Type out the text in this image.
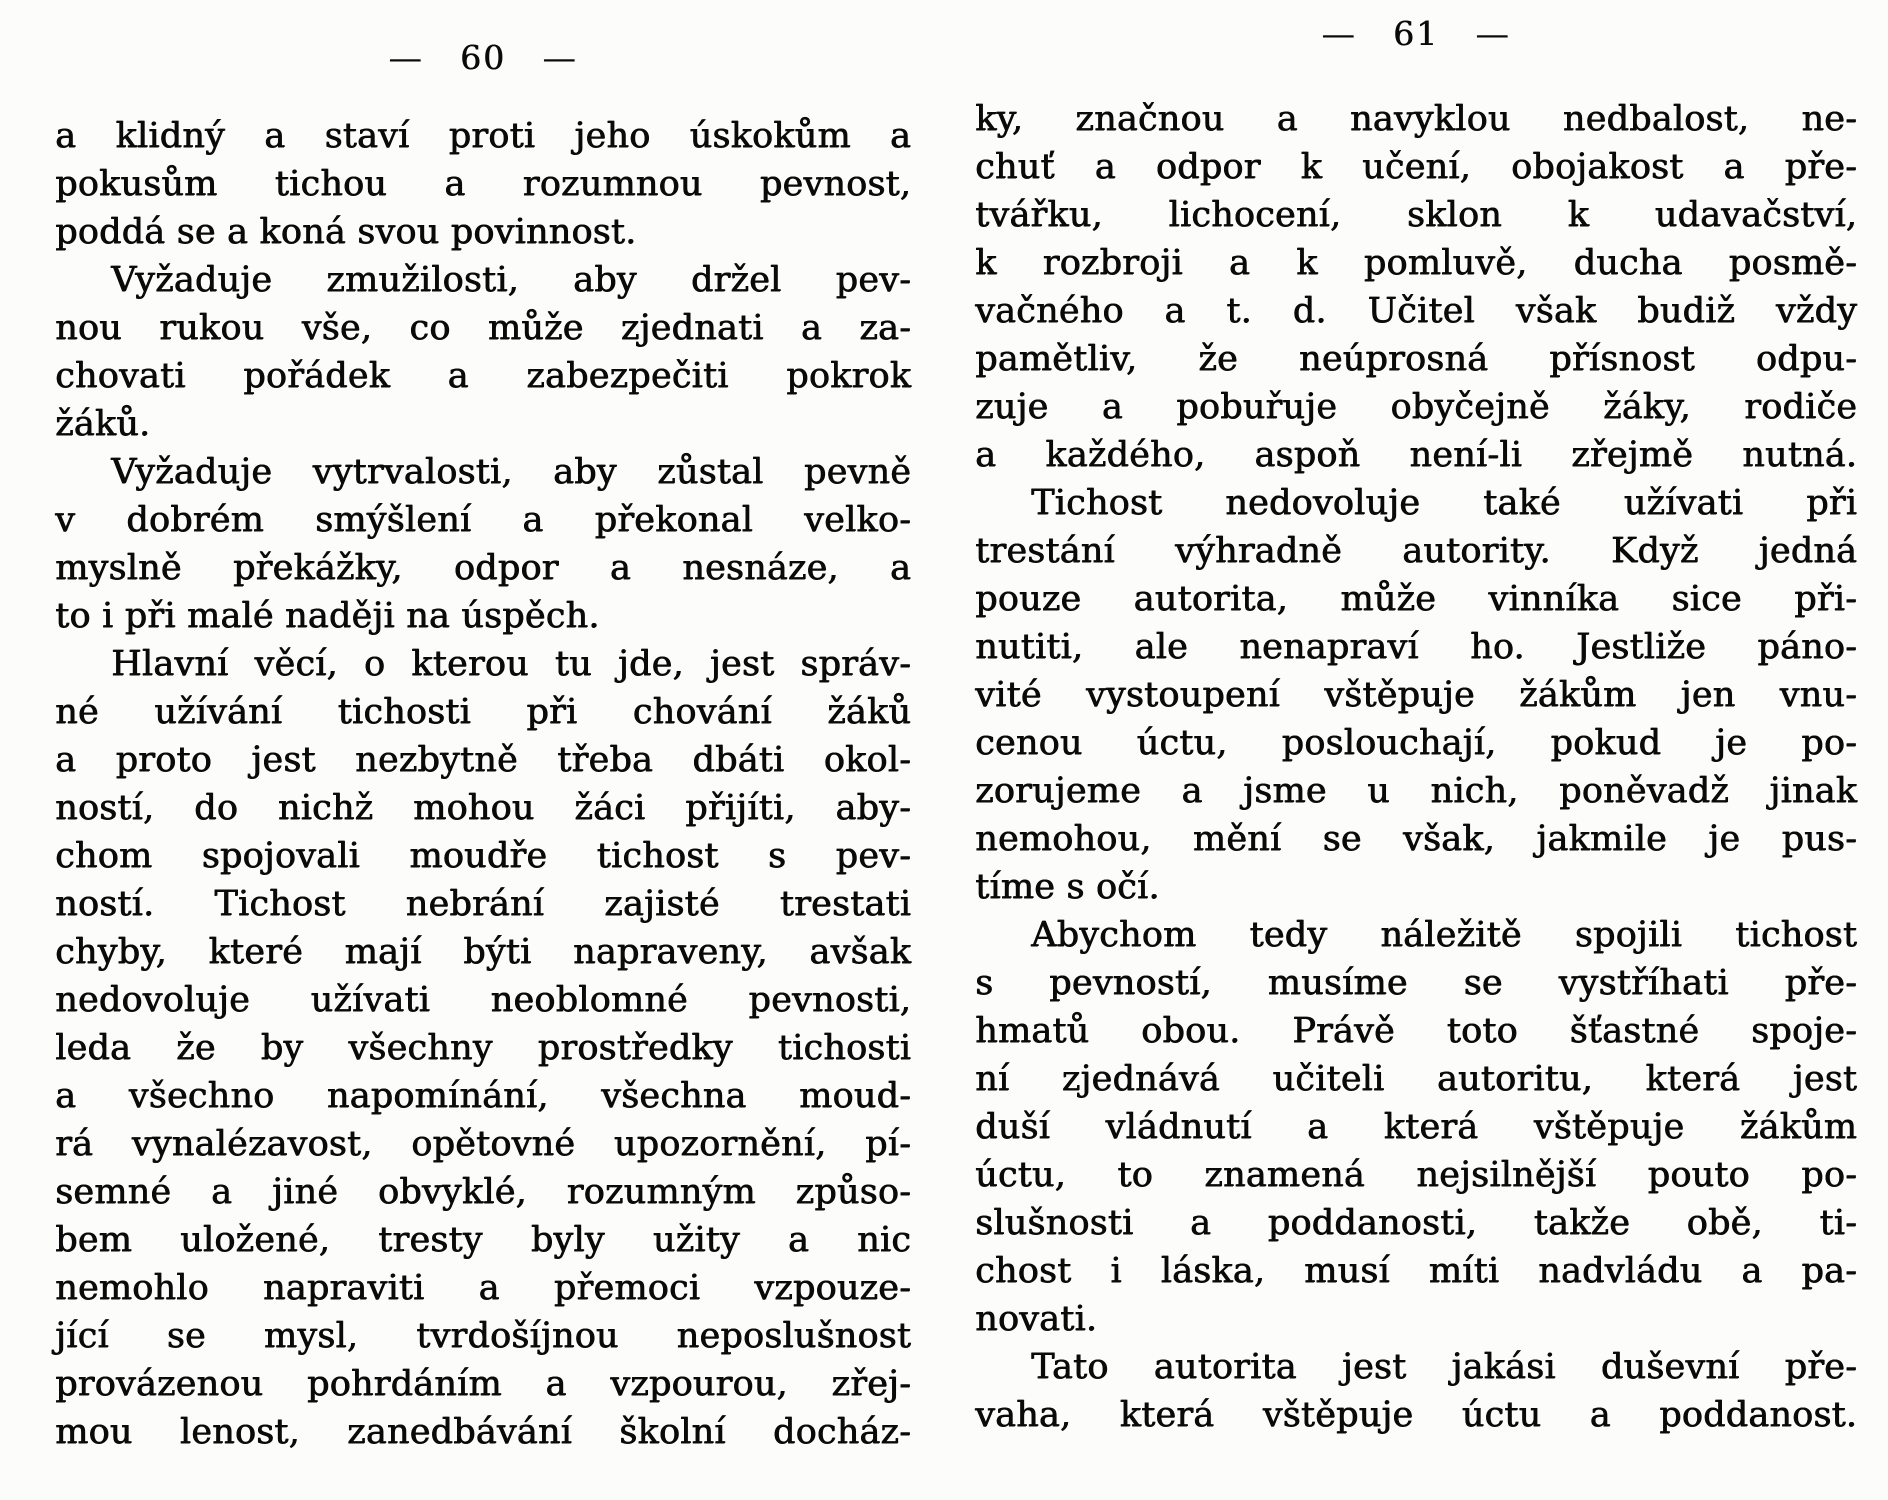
— 60 —
— 61 —
a klidný a staví proti jeho úskokům a
pokusům tichou a rozumnou pevnost,
poddá se a koná svou povinnost.
Vyžaduje zmužilosti, aby držel pev-
nou rukou vše, co může zjednati a za-
chovati pořádek a zabezpečiti pokrok
žáků.
Vyžaduje vytrvalosti, aby zůstal pevně
v dobrém smýšlení a překonal velko-
myslně překážky, odpor a nesnáze, a
to i při malé naději na úspěch.
Hlavní věcí, o kterou tu jde, jest správ-
né užívání tichosti při chování žáků
a proto jest nezbytně třeba dbáti okol-
ností, do nichž mohou žáci přijíti, aby-
chom spojovali moudře tichost s pev-
ností. Tichost nebrání zajisté trestati
chyby, které mají býti napraveny, avšak
nedovoluje užívati neoblomné pevnosti,
leda že by všechny prostředky tichosti
a všechno napomínání, všechna moud-
rá vynalézavost, opětovné upozornění, pí-
semné a jiné obvyklé, rozumným způso-
bem uložené, tresty byly užity a nic
nemohlo napraviti a přemoci vzpouze-
jící se mysl, tvrdošíjnou neposlušnost
provázenou pohrdáním a vzpourou, zřej-
mou lenost, zanedbávání školní docház-
ky, značnou a navyklou nedbalost, ne-
chuť a odpor k učení, obojakost a pře-
tvářku, lichocení, sklon k udavačství,
k rozbroji a k pomluvě, ducha posmě-
vačného a t. d. Učitel však budiž vždy
pamětliv, že neúprosná přísnost odpu-
zuje a pobuřuje obyčejně žáky, rodiče
a každého, aspoň není-li zřejmě nutná.
Tichost nedovoluje také užívati při
trestání výhradně autority. Když jedná
pouze autorita, může vinníka sice při-
nutiti, ale nenapraví ho. Jestliže páno-
vité vystoupení vštěpuje žákům jen vnu-
cenou úctu, poslouchají, pokud je po-
zorujeme a jsme u nich, poněvadž jinak
nemohou, mění se však, jakmile je pus-
tíme s očí.
Abychom tedy náležitě spojili tichost
s pevností, musíme se vystříhati pře-
hmatů obou. Právě toto šťastné spoje-
ní zjednává učiteli autoritu, která jest
duší vládnutí a která vštěpuje žákům
úctu, to znamená nejsilnější pouto po-
slušnosti a poddanosti, takže obě, ti-
chost i láska, musí míti nadvládu a pa-
novati.
Tato autorita jest jakási duševní pře-
vaha, která vštěpuje úctu a poddanost.
